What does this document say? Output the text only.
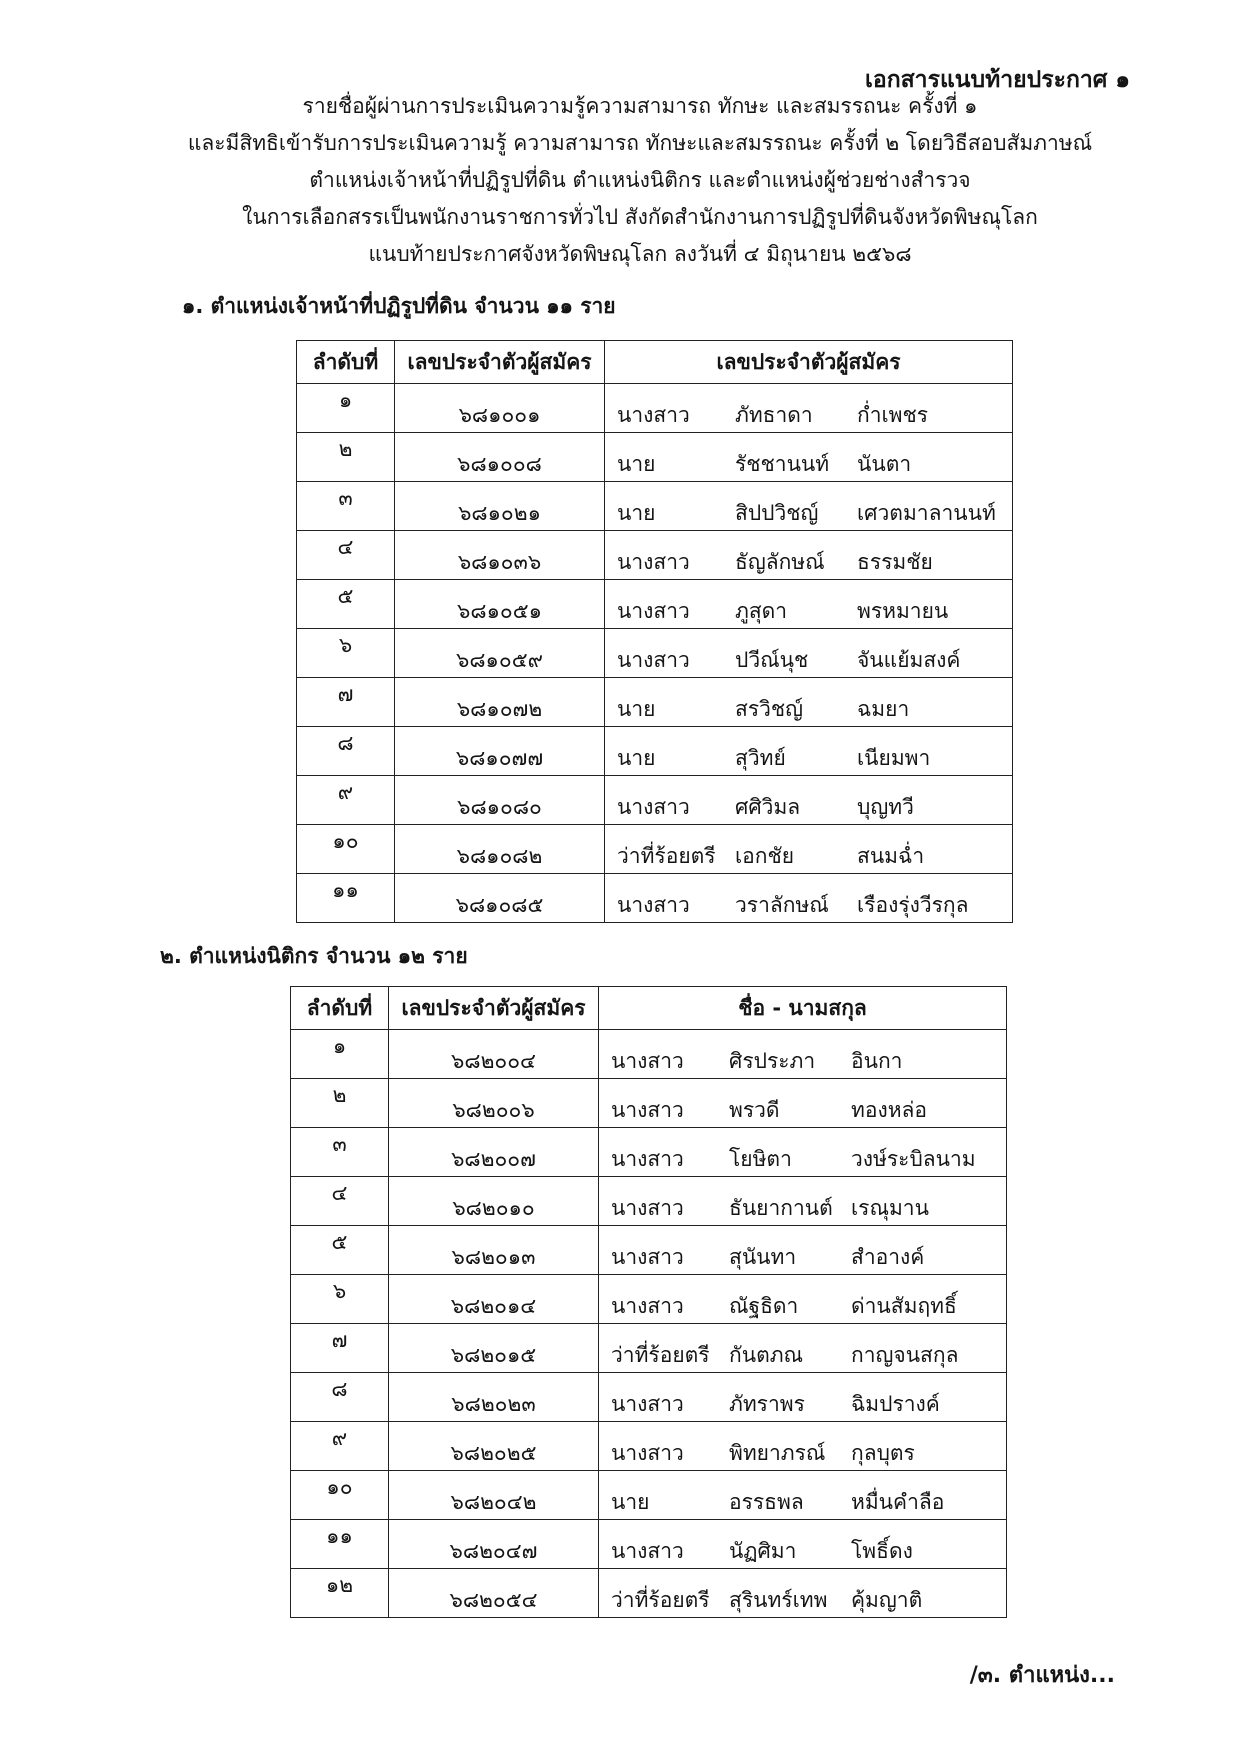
เอกสารแนบท้ายประกาศ ๑
รายชื่อผู้ผ่านการประเมินความรู้ความสามารถ ทักษะ และสมรรถนะ ครั้งที่ ๑
และมีสิทธิเข้ารับการประเมินความรู้ ความสามารถ ทักษะและสมรรถนะ ครั้งที่ ๒ โดยวิธีสอบสัมภาษณ์
ตำแหน่งเจ้าหน้าที่ปฏิรูปที่ดิน ตำแหน่งนิติกร และตำแหน่งผู้ช่วยช่างสำรวจ
ในการเลือกสรรเป็นพนักงานราชการทั่วไป สังกัดสำนักงานการปฏิรูปที่ดินจังหวัดพิษณุโลก
แนบท้ายประกาศจังหวัดพิษณุโลก ลงวันที่ ๔ มิถุนายน ๒๕๖๘
๑. ตำแหน่งเจ้าหน้าที่ปฏิรูปที่ดิน จำนวน ๑๑ ราย
ลำดับที่	เลขประจำตัวผู้สมัคร	เลขประจำตัวผู้สมัคร
๑	๖๘๑๐๐๑	นางสาว ภัทธาดา ก่ำเพชร
๒	๖๘๑๐๐๘	นาย รัชชานนท์ นันตา
๓	๖๘๑๐๒๑	นาย สิปปวิชญ์ เศวตมาลานนท์
๔	๖๘๑๐๓๖	นางสาว ธัญลักษณ์ ธรรมชัย
๕	๖๘๑๐๕๑	นางสาว ภูสุดา พรหมายน
๖	๖๘๑๐๕๙	นางสาว ปวีณ์นุช จันแย้มสงค์
๗	๖๘๑๐๗๒	นาย สรวิชญ์ ฉมยา
๘	๖๘๑๐๗๗	นาย สุวิทย์ เนียมพา
๙	๖๘๑๐๘๐	นางสาว ศศิวิมล บุญทวี
๑๐	๖๘๑๐๘๒	ว่าที่ร้อยตรี เอกชัย สนมฉ่ำ
๑๑	๖๘๑๐๘๕	นางสาว วราลักษณ์ เรืองรุ่งวีรกุล
๒. ตำแหน่งนิติกร จำนวน ๑๒ ราย
ลำดับที่	เลขประจำตัวผู้สมัคร	ชื่อ - นามสกุล
๑	๖๘๒๐๐๔	นางสาว ศิรประภา อินกา
๒	๖๘๒๐๐๖	นางสาว พรวดี ทองหล่อ
๓	๖๘๒๐๐๗	นางสาว โยษิตา วงษ์ระบิลนาม
๔	๖๘๒๐๑๐	นางสาว ธันยากานต์ เรณุมาน
๕	๖๘๒๐๑๓	นางสาว สุนันทา สำอางค์
๖	๖๘๒๐๑๔	นางสาว ณัฐธิดา ด่านสัมฤทธิ์
๗	๖๘๒๐๑๕	ว่าที่ร้อยตรี กันตภณ กาญจนสกุล
๘	๖๘๒๐๒๓	นางสาว ภัทราพร ฉิมปรางค์
๙	๖๘๒๐๒๕	นางสาว พิทยาภรณ์ กุลบุตร
๑๐	๖๘๒๐๔๒	นาย อรรธพล หมื่นคำลือ
๑๑	๖๘๒๐๔๗	นางสาว นัฏศิมา โพธิ์ดง
๑๒	๖๘๒๐๕๔	ว่าที่ร้อยตรี สุรินทร์เทพ คุ้มญาติ
/๓. ตำแหน่ง...
